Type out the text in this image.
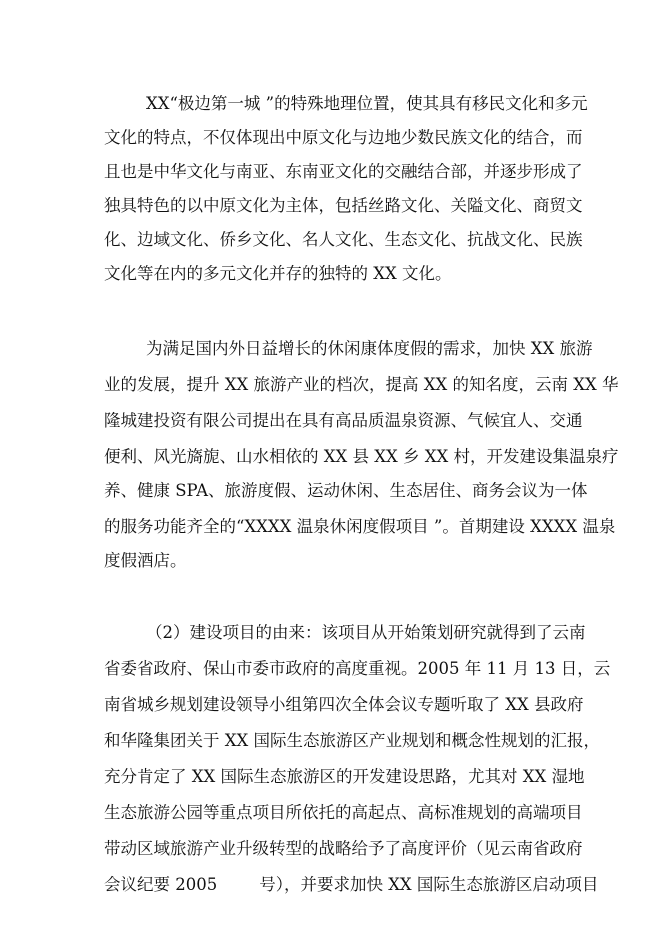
XX“极边第一城 ”的特殊地理位置，使其具有移民文化和多元
文化的特点，不仅体现出中原文化与边地少数民族文化的结合，而
且也是中华文化与南亚、东南亚文化的交融结合部，并逐步形成了
独具特色的以中原文化为主体，包括丝路文化、关隘文化、商贸文
化、边域文化、侨乡文化、名人文化、生态文化、抗战文化、民族
文化等在内的多元文化并存的独特的 XX 文化。
为满足国内外日益增长的休闲康体度假的需求，加快 XX 旅游
业的发展，提升 XX 旅游产业的档次，提高 XX 的知名度，云南 XX 华
隆城建投资有限公司提出在具有高品质温泉资源、气候宜人、交通
便利、风光旖旎、山水相依的 XX 县 XX 乡 XX 村，开发建设集温泉疗
养、健康 SPA、旅游度假、运动休闲、生态居住、商务会议为一体
的服务功能齐全的“XXXX 温泉休闲度假项目 ”。首期建设 XXXX 温泉
度假酒店。
（2）建设项目的由来：该项目从开始策划研究就得到了云南
省委省政府、保山市委市政府的高度重视。2005 年 11 月 13 日，云
南省城乡规划建设领导小组第四次全体会议专题听取了 XX 县政府
和华隆集团关于 XX 国际生态旅游区产业规划和概念性规划的汇报，
充分肯定了 XX 国际生态旅游区的开发建设思路，尤其对 XX 湿地
生态旅游公园等重点项目所依托的高起点、高标准规划的高端项目
带动区域旅游产业升级转型的战略给予了高度评价（见云南省政府
会议纪要 2005        号），并要求加快 XX 国际生态旅游区启动项目
